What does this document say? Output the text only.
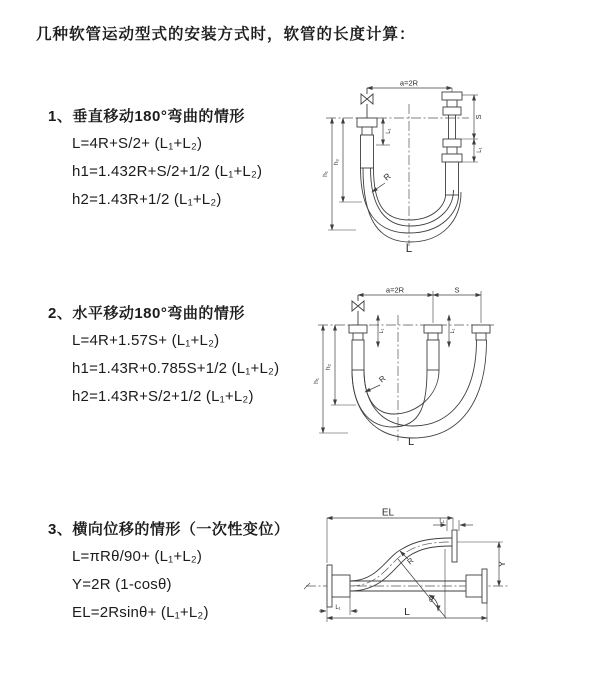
几种软管运动型式的安装方式时，软管的长度计算：
1、垂直移动180°弯曲的情形
L=4R+S/2+ (L₁+L₂)
h1=1.432R+S/2+1/2 (L₁+L₂)
h2=1.43R+1/2 (L₁+L₂)
2、水平移动180°弯曲的情形
L=4R+1.57S+ (L₁+L₂)
h1=1.43R+0.785S+1/2 (L₁+L₂)
h2=1.43R+S/2+1/2 (L₁+L₂)
3、横向位移的情形（一次性变位）
L=πRθ/90+ (L₁+L₂)
Y=2R (1-cosθ)
EL=2Rsinθ+ (L₁+L₂)
a=2R
h₁
h₂
L₁
S
L₁
R
L
a=2R	S
L₁	L₁
h₁
h₂
R
L
EL
L₁
Y
R
θ
L₁	L
